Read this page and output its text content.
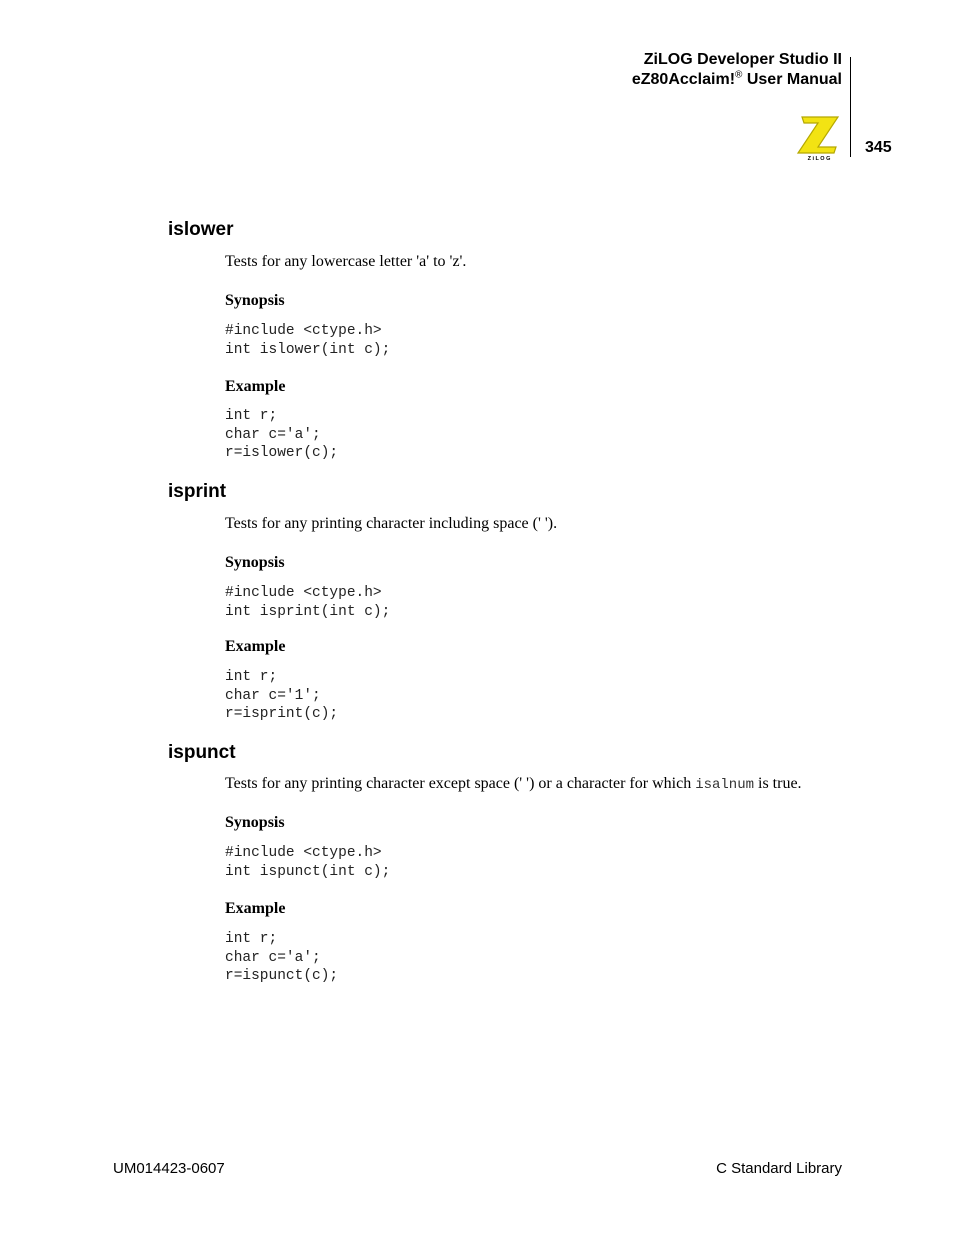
ZiLOG Developer Studio II
eZ80Acclaim!® User Manual
Z i L O G
345
islower
Tests for any lowercase letter 'a' to 'z'.
Synopsis
#include <ctype.h>
int islower(int c);
Example
int r;
char c='a';
r=islower(c);
isprint
Tests for any printing character including space (' ').
Synopsis
#include <ctype.h>
int isprint(int c);
Example
int r;
char c='1';
r=isprint(c);
ispunct
Tests for any printing character except space (' ') or a character for which isalnum is true.
Synopsis
#include <ctype.h>
int ispunct(int c);
Example
int r;
char c='a';
r=ispunct(c);
UM014423-0607	C Standard Library
